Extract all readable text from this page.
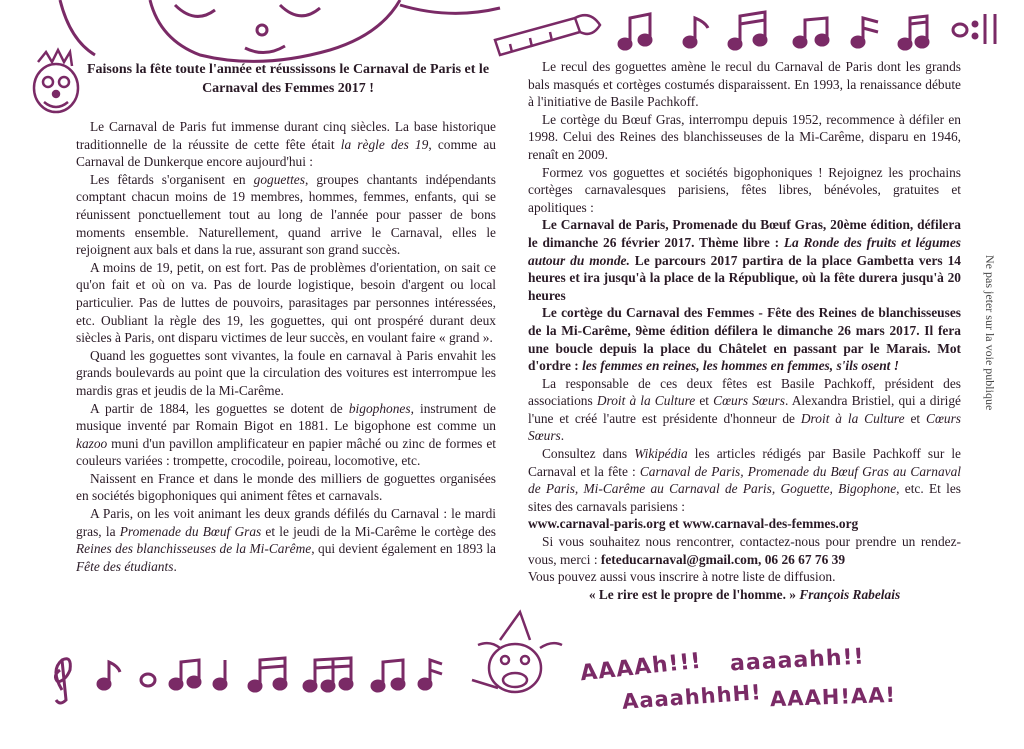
Faisons la fête toute l'année et réussissons le Carnaval de Paris et le Carnaval des Femmes 2017 !

Le Carnaval de Paris fut immense durant cinq siècles. La base historique traditionnelle de la réussite de cette fête était la règle des 19, comme au Carnaval de Dunkerque encore aujourd'hui :

Les fêtards s'organisent en goguettes, groupes chantants indépendants comptant chacun moins de 19 membres, hommes, femmes, enfants, qui se réunissent ponctuellement tout au long de l'année pour passer de bons moments ensemble. Naturellement, quand arrive le Carnaval, elles le rejoignent aux bals et dans la rue, assurant son grand succès.

A moins de 19, petit, on est fort. Pas de problèmes d'orientation, on sait ce qu'on fait et où on va. Pas de lourde logistique, besoin d'argent ou local particulier. Pas de luttes de pouvoirs, parasitages par personnes intéressées, etc. Oubliant la règle des 19, les goguettes, qui ont prospéré durant deux siècles à Paris, ont disparu victimes de leur succès, en voulant faire « grand ».

Quand les goguettes sont vivantes, la foule en carnaval à Paris envahit les grands boulevards au point que la circulation des voitures est interrompue les mardis gras et jeudis de la Mi-Carême.

A partir de 1884, les goguettes se dotent de bigophones, instrument de musique inventé par Romain Bigot en 1881. Le bigophone est comme un kazoo muni d'un pavillon amplificateur en papier mâché ou zinc de formes et couleurs variées : trompette, crocodile, poireau, locomotive, etc.

Naissent en France et dans le monde des milliers de goguettes organisées en sociétés bigophoniques qui animent fêtes et carnavals.

A Paris, on les voit animant les deux grands défilés du Carnaval : le mardi gras, la Promenade du Bœuf Gras et le jeudi de la Mi-Carême le cortège des Reines des blanchisseuses de la Mi-Carême, qui devient également en 1893 la Fête des étudiants.

Le recul des goguettes amène le recul du Carnaval de Paris dont les grands bals masqués et cortèges costumés disparaissent. En 1993, la renaissance débute à l'initiative de Basile Pachkoff.

Le cortège du Bœuf Gras, interrompu depuis 1952, recommence à défiler en 1998. Celui des Reines des blanchisseuses de la Mi-Carême, disparu en 1946, renaît en 2009.

Formez vos goguettes et sociétés bigophoniques ! Rejoignez les prochains cortèges carnavalesques parisiens, fêtes libres, bénévoles, gratuites et apolitiques :

Le Carnaval de Paris, Promenade du Bœuf Gras, 20ème édition, défilera le dimanche 26 février 2017. Thème libre : La Ronde des fruits et légumes autour du monde. Le parcours 2017 partira de la place Gambetta vers 14 heures et ira jusqu'à la place de la République, où la fête durera jusqu'à 20 heures

Le cortège du Carnaval des Femmes - Fête des Reines de blanchisseuses de la Mi-Carême, 9ème édition défilera le dimanche 26 mars 2017. Il fera une boucle depuis la place du Châtelet en passant par le Marais. Mot d'ordre : les femmes en reines, les hommes en femmes, s'ils osent !

La responsable de ces deux fêtes est Basile Pachkoff, président des associations Droit à la Culture et Cœurs Sœurs. Alexandra Bristiel, qui a dirigé l'une et créé l'autre est présidente d'honneur de Droit à la Culture et Cœurs Sœurs.

Consultez dans Wikipédia les articles rédigés par Basile Pachkoff sur le Carnaval et la fête : Carnaval de Paris, Promenade du Bœuf Gras au Carnaval de Paris, Mi-Carême au Carnaval de Paris, Goguette, Bigophone, etc. Et les sites des carnavals parisiens :

www.carnaval-paris.org et www.carnaval-des-femmes.org

Si vous souhaitez nous rencontrer, contactez-nous pour prendre un rendez-vous, merci : feteducarnaval@gmail.com, 06 26 67 76 39

Vous pouvez aussi vous inscrire à notre liste de diffusion.

« Le rire est le propre de l'homme. » François Rabelais

Ne pas jeter sur la voie publique
AAAAh!!! aaaaahh!!
AaaahhhH! AAAH!AA!
